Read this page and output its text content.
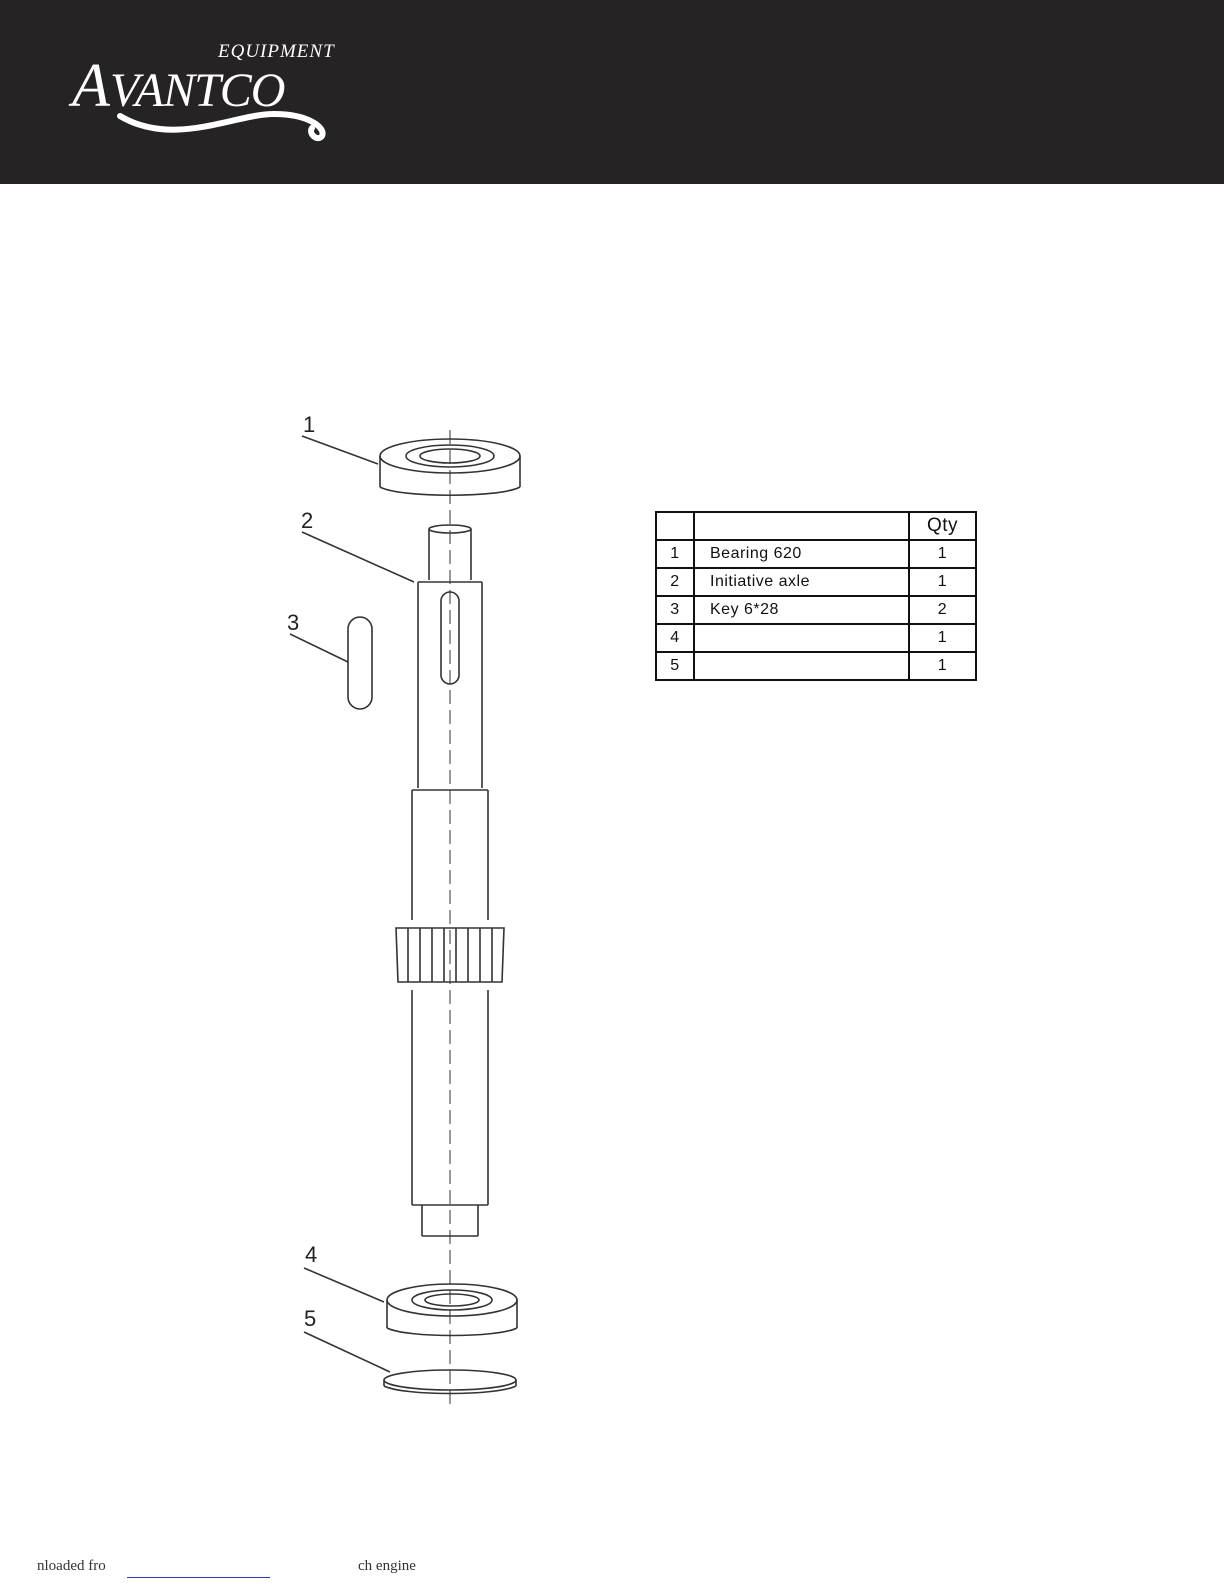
EQUIPMENT
A VANTCO
1
2
3
4
5
		Qty
1	Bearing 620	1
2	Initiative axle	1
3	Key 6*28	2
4		1
5		1
nloaded fro	ch engine
